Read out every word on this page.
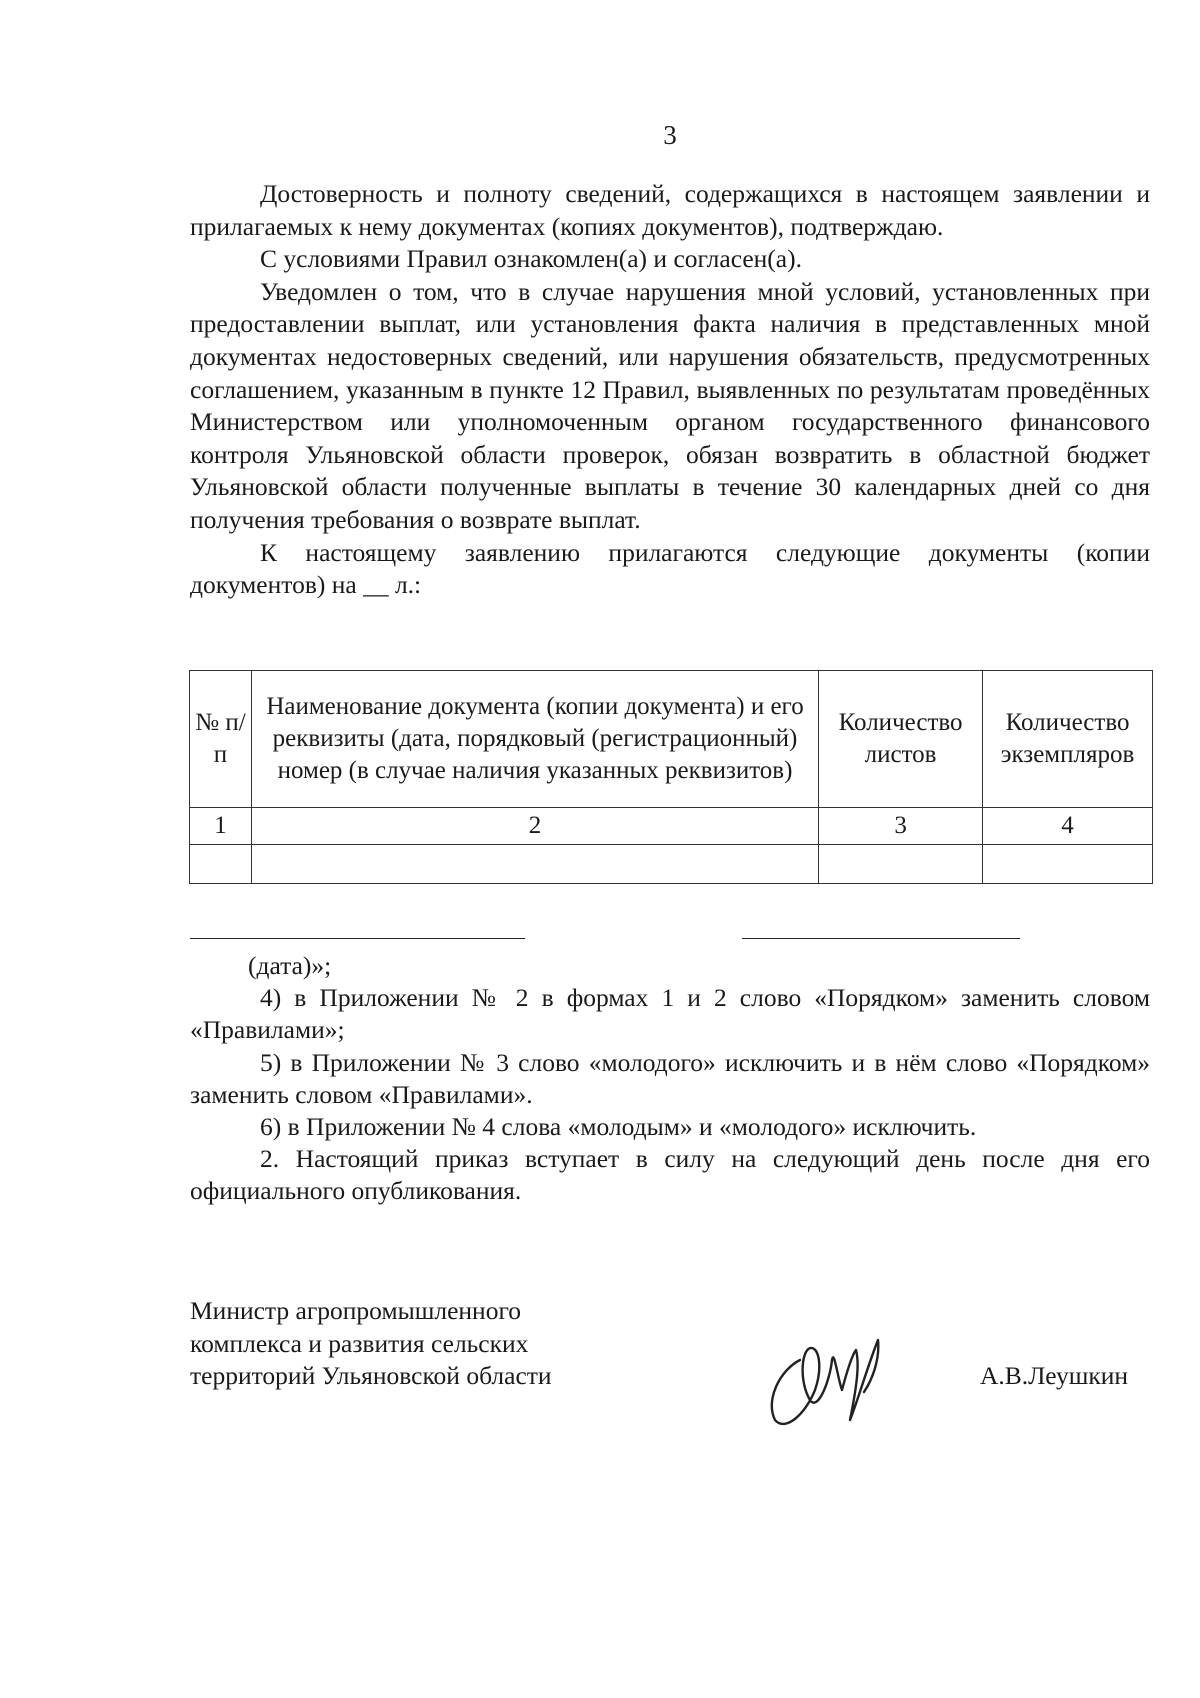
3

Достоверность и полноту сведений, содержащихся в настоящем заявлении и прилагаемых к нему документах (копиях документов), подтверждаю.

С условиями Правил ознакомлен(а) и согласен(а).

Уведомлен о том, что в случае нарушения мной условий, установленных при предоставлении выплат, или установления факта наличия в представленных мной документах недостоверных сведений, или нарушения обязательств, предусмотренных соглашением, указанным в пункте 12 Правил, выявленных по результатам проведённых Министерством или уполномоченным органом государственного финансового контроля Ульяновской области проверок, обязан возвратить в областной бюджет Ульяновской области полученные выплаты в течение 30 календарных дней со дня получения требования о возврате выплат.

К настоящему заявлению прилагаются следующие документы (копии документов) на __ л.:

№ п/п	Наименование документа (копии документа) и его реквизиты (дата, порядковый (регистрационный) номер (в случае наличия указанных реквизитов)	Количество листов	Количество экземпляров
1	2	3	4

(дата)»;

4) в Приложении № 2 в формах 1 и 2 слово «Порядком» заменить словом «Правилами»;

5) в Приложении № 3 слово «молодого» исключить и в нём слово «Порядком» заменить словом «Правилами».

6) в Приложении № 4 слова «молодым» и «молодого» исключить.

2. Настоящий приказ вступает в силу на следующий день после дня его официального опубликования.

Министр агропромышленного
комплекса и развития сельских
территорий Ульяновской области	А.В.Леушкин
